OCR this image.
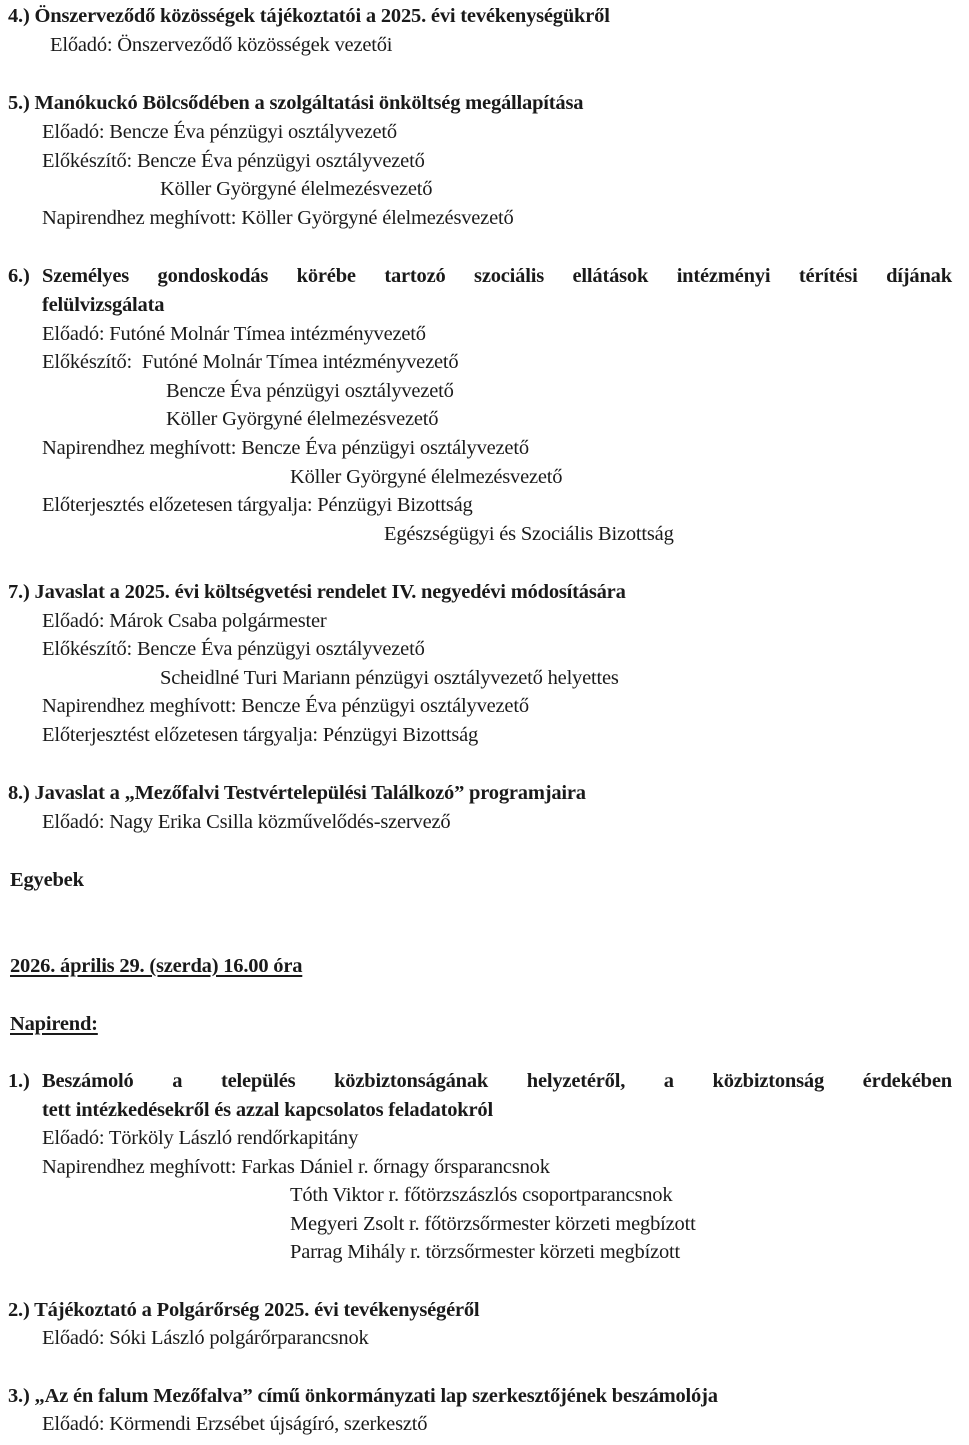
4.) Önszerveződő közösségek tájékoztatói a 2025. évi tevékenységükről
Előadó: Önszerveződő közösségek vezetői
5.) Manókuckó Bölcsődében a szolgáltatási önköltség megállapítása
Előadó: Bencze Éva pénzügyi osztályvezető
Előkészítő: Bencze Éva pénzügyi osztályvezető
Köller Györgyné élelmezésvezető
Napirendhez meghívott: Köller Györgyné élelmezésvezető
6.) Személyes gondoskodás körébe tartozó szociális ellátások intézményi térítési díjának
felülvizsgálata
Előadó: Futóné Molnár Tímea intézményvezető
Előkészítő:  Futóné Molnár Tímea intézményvezető
Bencze Éva pénzügyi osztályvezető
Köller Györgyné élelmezésvezető
Napirendhez meghívott: Bencze Éva pénzügyi osztályvezető
Köller Györgyné élelmezésvezető
Előterjesztés előzetesen tárgyalja: Pénzügyi Bizottság
Egészségügyi és Szociális Bizottság
7.) Javaslat a 2025. évi költségvetési rendelet IV. negyedévi módosítására
Előadó: Márok Csaba polgármester
Előkészítő: Bencze Éva pénzügyi osztályvezető
Scheidlné Turi Mariann pénzügyi osztályvezető helyettes
Napirendhez meghívott: Bencze Éva pénzügyi osztályvezető
Előterjesztést előzetesen tárgyalja: Pénzügyi Bizottság
8.) Javaslat a „Mezőfalvi Testvértelepülési Találkozó” programjaira
Előadó: Nagy Erika Csilla közművelődés-szervező
Egyebek
2026. április 29. (szerda) 16.00 óra
Napirend:
1.) Beszámoló a település közbiztonságának helyzetéről, a közbiztonság érdekében
tett intézkedésekről és azzal kapcsolatos feladatokról
Előadó: Törköly László rendőrkapitány
Napirendhez meghívott: Farkas Dániel r. őrnagy őrsparancsnok
Tóth Viktor r. főtörzszászlós csoportparancsnok
Megyeri Zsolt r. főtörzsőrmester körzeti megbízott
Parrag Mihály r. törzsőrmester körzeti megbízott
2.) Tájékoztató a Polgárőrség 2025. évi tevékenységéről
Előadó: Sóki László polgárőrparancsnok
3.) „Az én falum Mezőfalva” című önkormányzati lap szerkesztőjének beszámolója
Előadó: Körmendi Erzsébet újságíró, szerkesztő
